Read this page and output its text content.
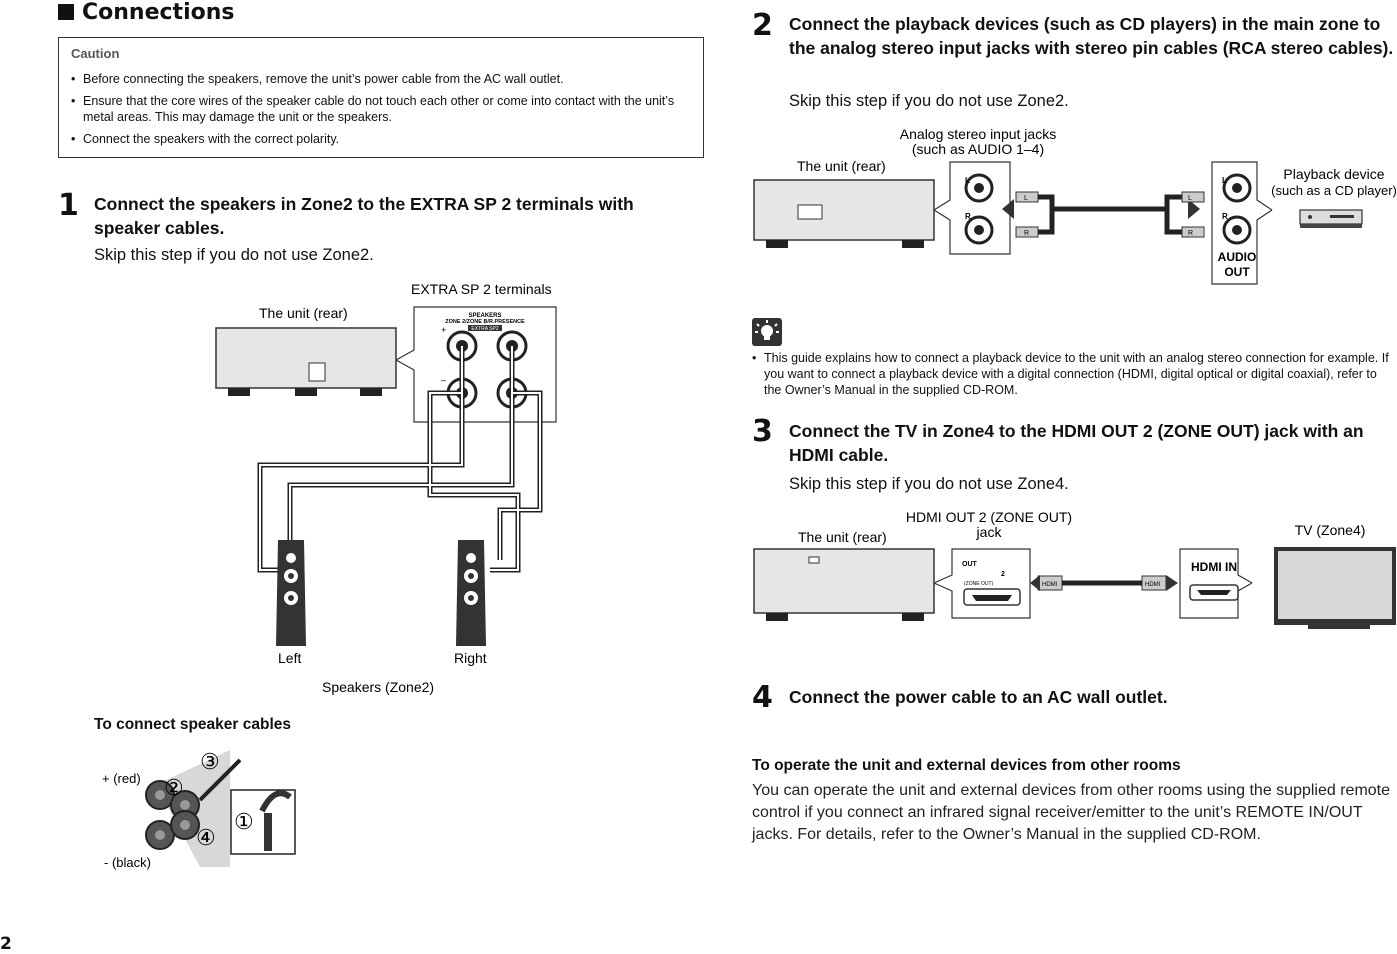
Connections
Caution
• Before connecting the speakers, remove the unit’s power cable from the AC wall outlet.
• Ensure that the core wires of the speaker cable do not touch each other or come into contact with the unit’s metal areas. This may damage the unit or the speakers.
• Connect the speakers with the correct polarity.
1 Connect the speakers in Zone2 to the EXTRA SP 2 terminals with speaker cables.
Skip this step if you do not use Zone2.
EXTRA SP 2 terminals
The unit (rear)	SPEAKERS
ZONE 2/ZONE B/R.PRESENCE
EXTRA SP2
+
–
Left	Right
Speakers (Zone2)
To connect speaker cables
+ (red)
- (black)
②
③
④
①
2
2 Connect the playback devices (such as CD players) in the main zone to the analog stereo input jacks with stereo pin cables (RCA stereo cables).
Skip this step if you do not use Zone2.
Analog stereo input jacks
(such as AUDIO 1–4)
The unit (rear)	Playback device
(such as a CD player)
L
R
L
R
L
R
L
R
AUDIO
OUT
• This guide explains how to connect a playback device to the unit with an analog stereo connection for example. If you want to connect a playback device with a digital connection (HDMI, digital optical or digital coaxial), refer to the Owner’s Manual in the supplied CD-ROM.
3 Connect the TV in Zone4 to the HDMI OUT 2 (ZONE OUT) jack with an HDMI cable.
Skip this step if you do not use Zone4.
HDMI OUT 2 (ZONE OUT)
jack
The unit (rear)	TV (Zone4)
OUT
2
(ZONE OUT)	HDMI	HDMI
HDMI IN
4 Connect the power cable to an AC wall outlet.
To operate the unit and external devices from other rooms
You can operate the unit and external devices from other rooms using the supplied remote control if you connect an infrared signal receiver/emitter to the unit’s REMOTE IN/OUT jacks. For details, refer to the Owner’s Manual in the supplied CD-ROM.
